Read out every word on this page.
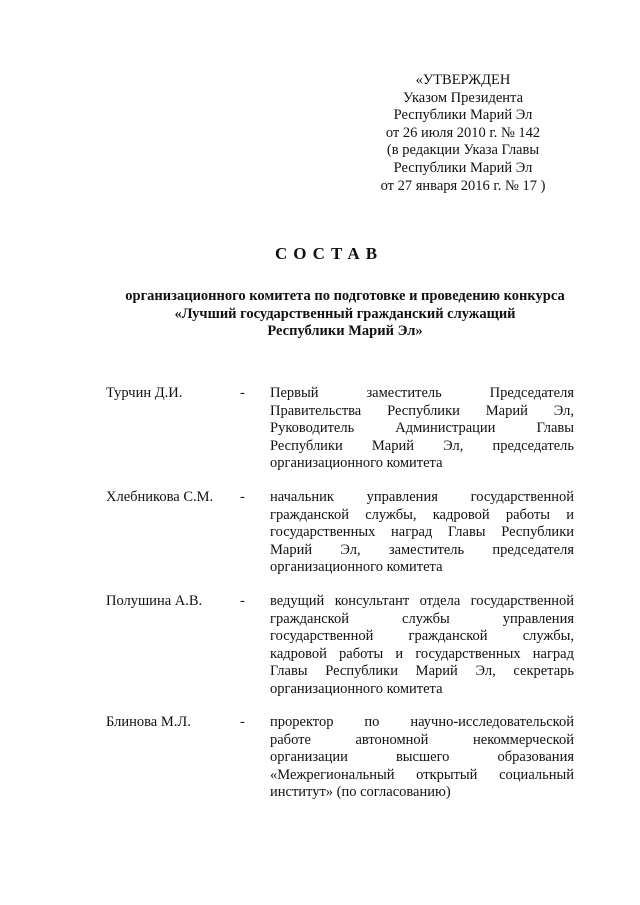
«УТВЕРЖДЕН
Указом Президента
Республики Марий Эл
от 26 июля 2010 г. № 142
(в редакции Указа Главы
Республики Марий Эл
от 27 января 2016 г. № 17 )
СОСТАВ
организационного комитета по подготовке и проведению конкурса
«Лучший государственный гражданский служащий
Республики Марий Эл»
Турчин Д.И.	- Первый заместитель Председателя
Правительства Республики Марий Эл,
Руководитель Администрации Главы
Республики Марий Эл, председатель
организационного комитета
Хлебникова С.М. - начальник управления государственной
гражданской службы, кадровой работы и
государственных наград Главы Республики
Марий Эл, заместитель председателя
организационного комитета
Полушина А.В.	- ведущий консультант отдела государственной
гражданской службы управления
государственной гражданской службы,
кадровой работы и государственных наград
Главы Республики Марий Эл, секретарь
организационного комитета
Блинова М.Л.	- проректор по научно-исследовательской
работе автономной некоммерческой
организации высшего образования
«Межрегиональный открытый социальный
институт» (по согласованию)
